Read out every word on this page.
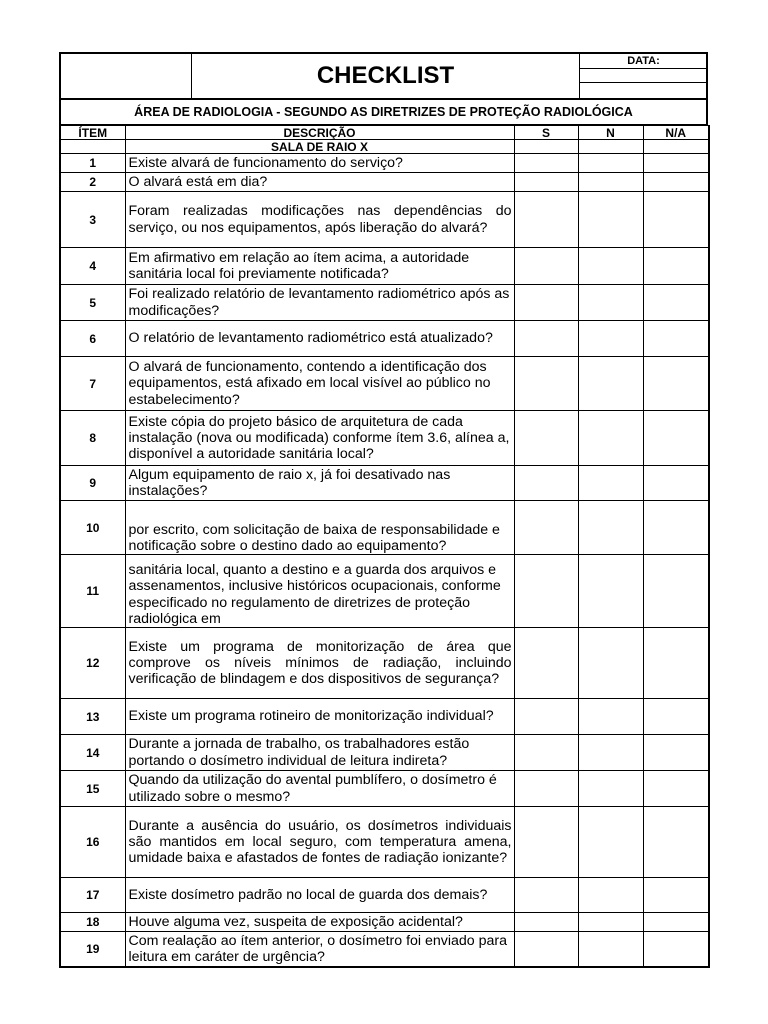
CHECKLIST
DATA:
ÁREA DE RADIOLOGIA - SEGUNDO AS DIRETRIZES DE PROTEÇÃO RADIOLÓGICA
ÍTEM	DESCRIÇÃO	S	N	N/A
	SALA DE RAIO X			
1	Existe alvará de funcionamento do serviço?			

2	O alvará está em dia?			

3	Foram realizadas modificações nas dependências do serviço, ou nos equipamentos, após liberação do alvará?			

4	Em afirmativo em relação ao ítem acima, a autoridade sanitária local foi previamente notificada?			

5	Foi realizado relatório de levantamento radiométrico após as modificações?			

6	O relatório de levantamento radiométrico está atualizado?			

7	O alvará de funcionamento, contendo a identificação dos equipamentos, está afixado em local visível ao público no estabelecimento?			

8	Existe cópia do projeto básico de arquitetura de cada instalação (nova ou modificada) conforme ítem 3.6, alínea a, disponível a autoridade sanitária local?			

9	Algum equipamento de raio x, já foi desativado nas instalações?			

10	por escrito, com solicitação de baixa de responsabilidade e notificação sobre o destino dado ao equipamento?			

11	sanitária local, quanto a destino e a guarda dos arquivos e assenamentos, inclusive históricos ocupacionais, conforme especificado no regulamento de diretrizes de proteção radiológica em			

12	Existe um programa de monitorização de área que comprove os níveis mínimos de radiação, incluindo verificação de blindagem e dos dispositivos de segurança?			

13	Existe um programa rotineiro de monitorização individual?			

14	Durante a jornada de trabalho, os trabalhadores estão portando o dosímetro individual de leitura indireta?			

15	Quando da utilização do avental pumblífero, o dosímetro é utilizado sobre o mesmo?			

16	Durante a ausência do usuário, os dosímetros individuais são mantidos em local seguro, com temperatura amena, umidade baixa e afastados de fontes de radiação ionizante?			

17	Existe dosímetro padrão no local de guarda dos demais?			

18	Houve alguma vez, suspeita de exposição acidental?			

19	Com realação ao ítem anterior, o dosímetro foi enviado para leitura em caráter de urgência?			
